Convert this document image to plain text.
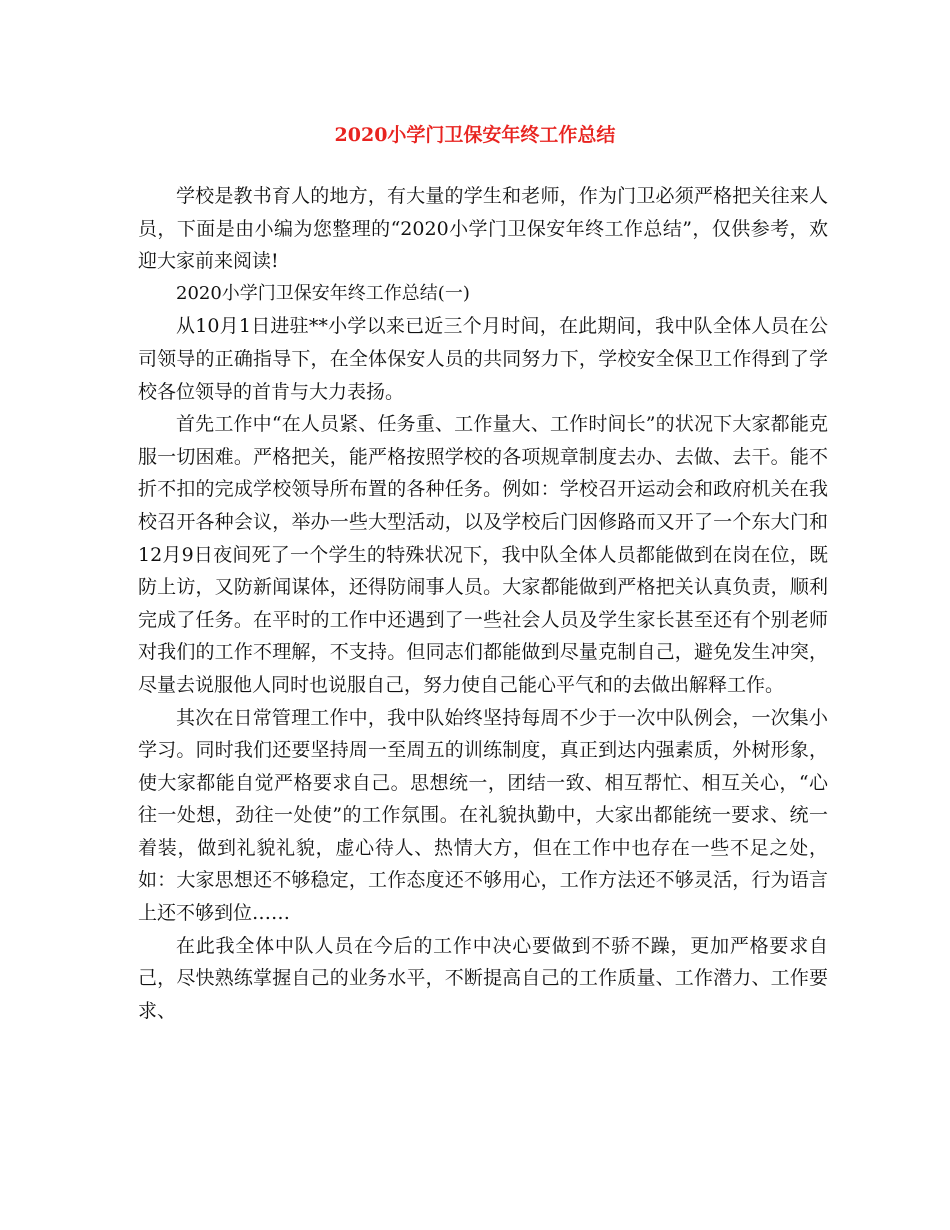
2020小学门卫保安年终工作总结

学校是教书育人的地方，有大量的学生和老师，作为门卫必须严格把关往来人员，下面是由小编为您整理的“2020小学门卫保安年终工作总结”，仅供参考，欢迎大家前来阅读!

2020小学门卫保安年终工作总结(一)

从10月1日进驻**小学以来已近三个月时间，在此期间，我中队全体人员在公司领导的正确指导下，在全体保安人员的共同努力下，学校安全保卫工作得到了学校各位领导的首肯与大力表扬。

首先工作中“在人员紧、任务重、工作量大、工作时间长”的状况下大家都能克服一切困难。严格把关，能严格按照学校的各项规章制度去办、去做、去干。能不折不扣的完成学校领导所布置的各种任务。例如：学校召开运动会和政府机关在我校召开各种会议，举办一些大型活动，以及学校后门因修路而又开了一个东大门和12月9日夜间死了一个学生的特殊状况下，我中队全体人员都能做到在岗在位，既防上访，又防新闻谋体，还得防闹事人员。大家都能做到严格把关认真负责，顺利完成了任务。在平时的工作中还遇到了一些社会人员及学生家长甚至还有个别老师对我们的工作不理解，不支持。但同志们都能做到尽量克制自己，避免发生冲突，尽量去说服他人同时也说服自己，努力使自己能心平气和的去做出解释工作。

其次在日常管理工作中，我中队始终坚持每周不少于一次中队例会，一次集小学习。同时我们还要坚持周一至周五的训练制度，真正到达内强素质，外树形象，使大家都能自觉严格要求自己。思想统一，团结一致、相互帮忙、相互关心，“心往一处想，劲往一处使”的工作氛围。在礼貌执勤中，大家出都能统一要求、统一着装，做到礼貌礼貌，虚心待人、热情大方，但在工作中也存在一些不足之处，如：大家思想还不够稳定，工作态度还不够用心，工作方法还不够灵活，行为语言上还不够到位……

在此我全体中队人员在今后的工作中决心要做到不骄不躁，更加严格要求自己，尽快熟练掌握自己的业务水平，不断提高自己的工作质量、工作潜力、工作要求、
